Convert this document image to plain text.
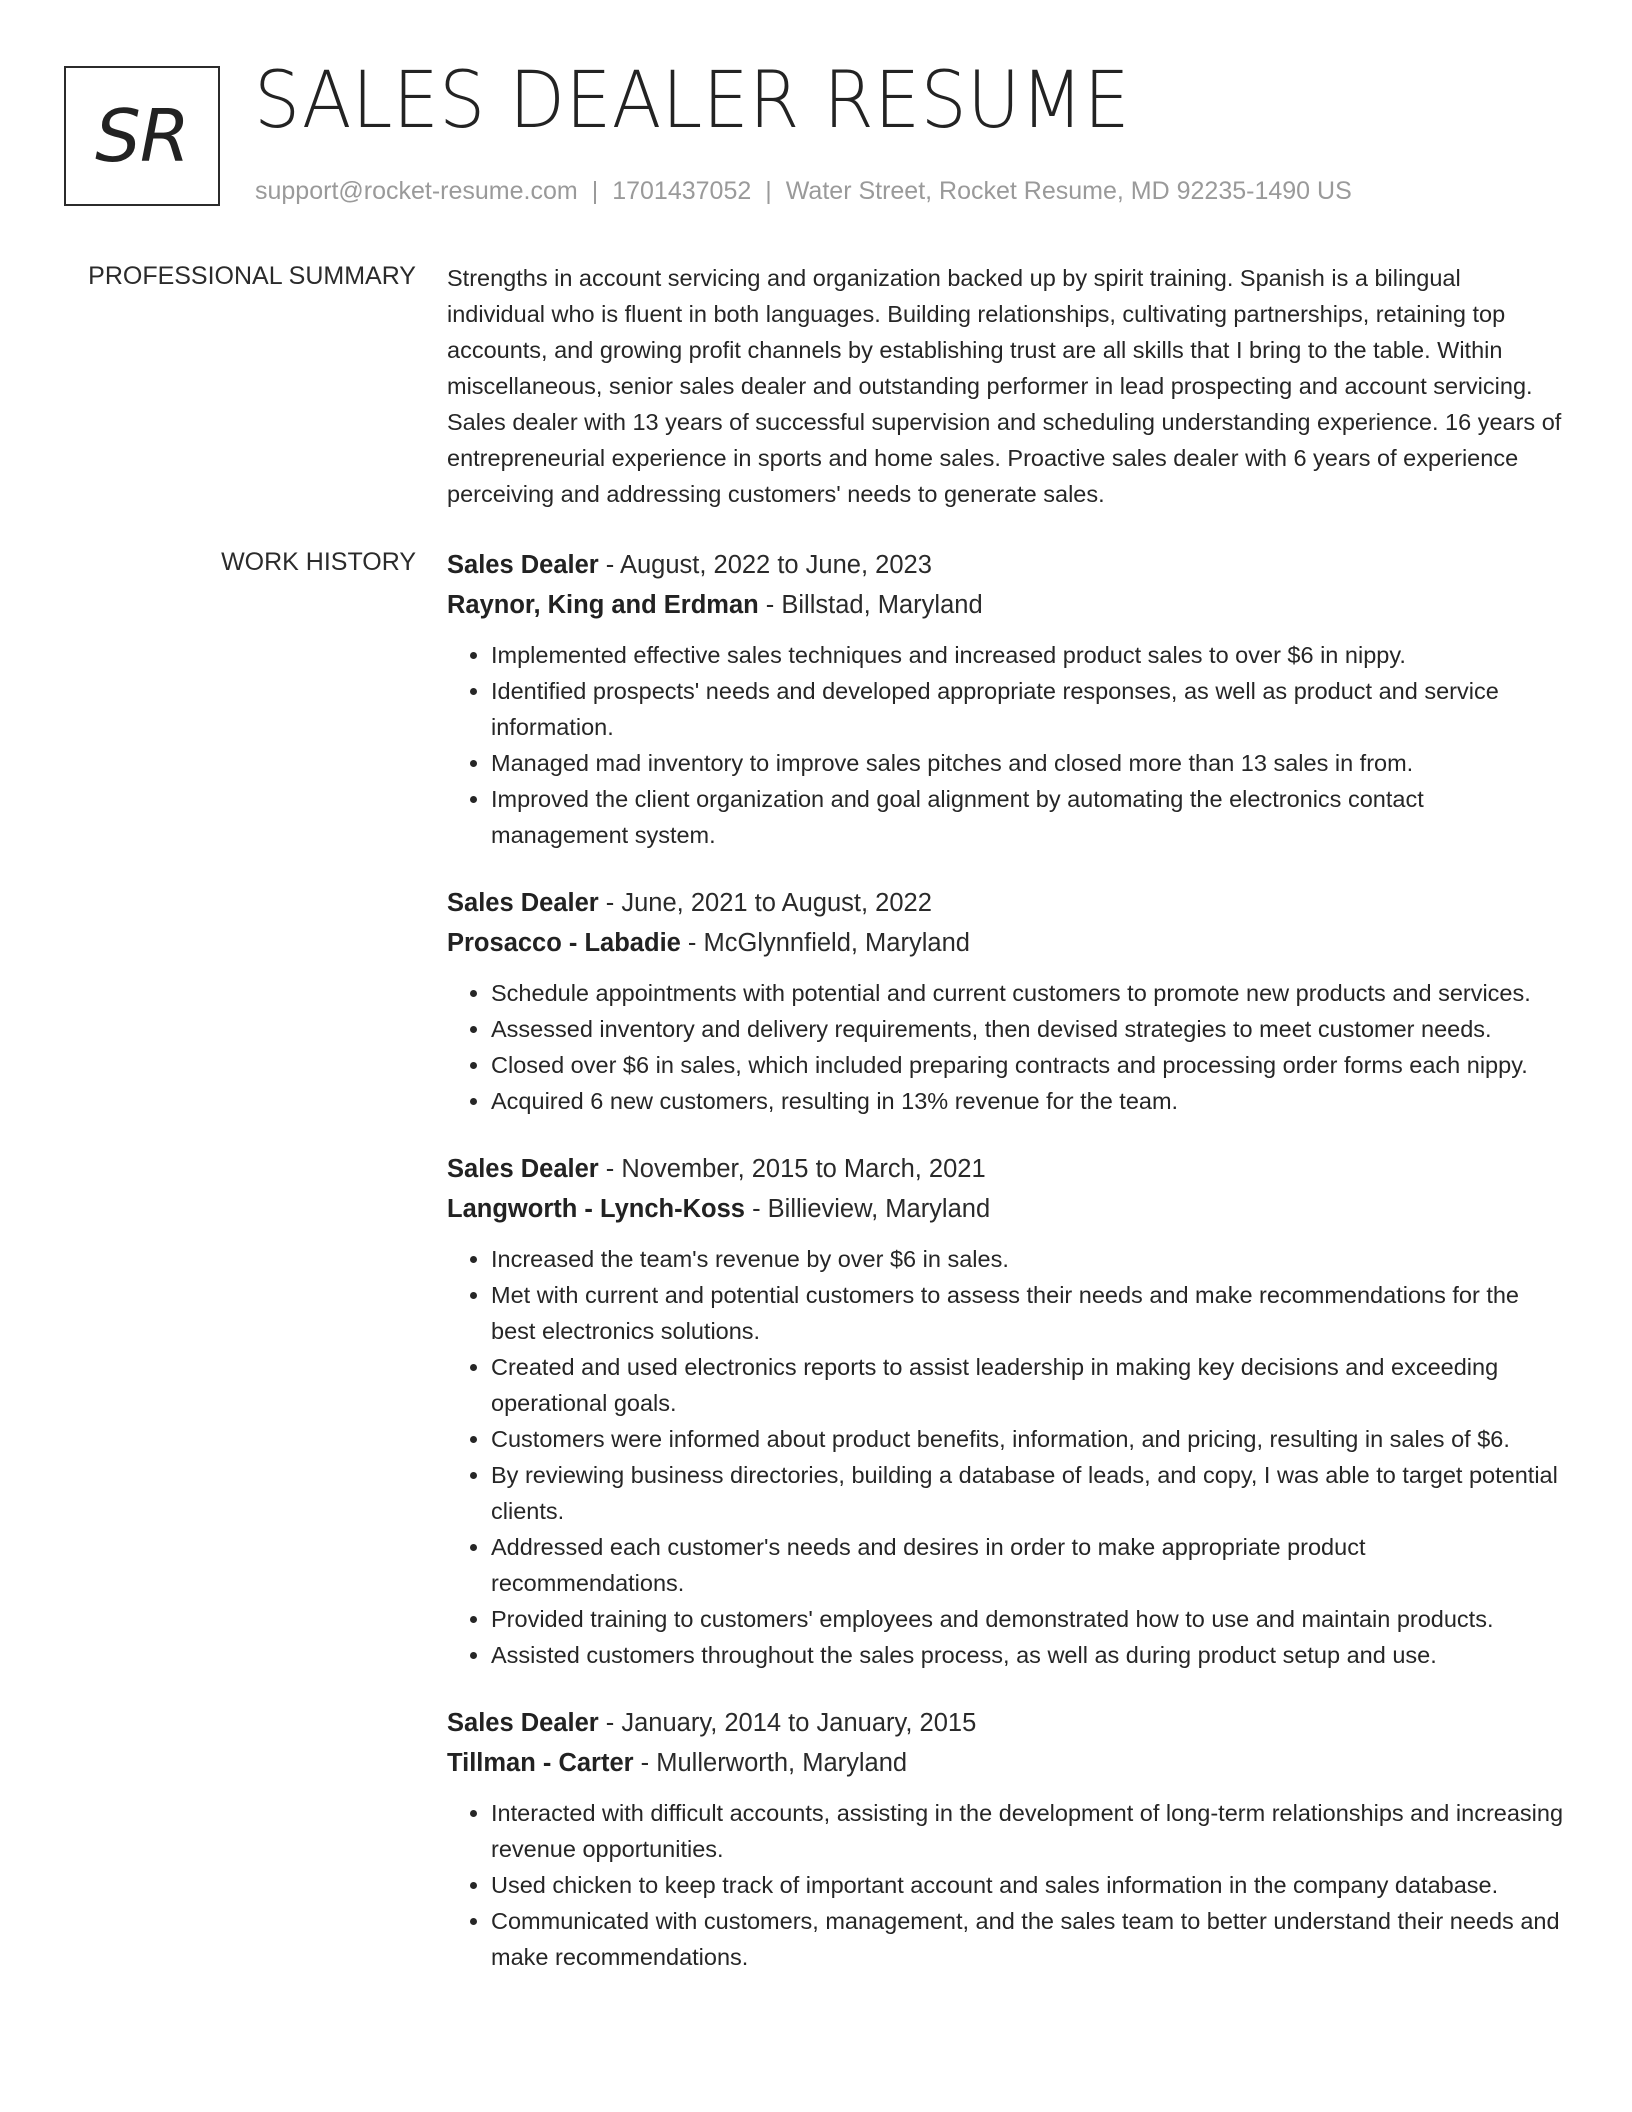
SR SALES DEALER RESUME
support@rocket-resume.com | 1701437052 | Water Street, Rocket Resume, MD 92235-1490 US
PROFESSIONAL SUMMARY Strengths in account servicing and organization backed up by spirit training. Spanish is a bilingual individual who is fluent in both languages. Building relationships, cultivating partnerships, retaining top accounts, and growing profit channels by establishing trust are all skills that I bring to the table. Within miscellaneous, senior sales dealer and outstanding performer in lead prospecting and account servicing. Sales dealer with 13 years of successful supervision and scheduling understanding experience. 16 years of entrepreneurial experience in sports and home sales. Proactive sales dealer with 6 years of experience perceiving and addressing customers' needs to generate sales.

WORK HISTORY Sales Dealer - August, 2022 to June, 2023
Raynor, King and Erdman - Billstad, Maryland
• Implemented effective sales techniques and increased product sales to over $6 in nippy.
• Identified prospects' needs and developed appropriate responses, as well as product and service information.
• Managed mad inventory to improve sales pitches and closed more than 13 sales in from.
• Improved the client organization and goal alignment by automating the electronics contact management system.
Sales Dealer - June, 2021 to August, 2022
Prosacco - Labadie - McGlynnfield, Maryland
• Schedule appointments with potential and current customers to promote new products and services.
• Assessed inventory and delivery requirements, then devised strategies to meet customer needs.
• Closed over $6 in sales, which included preparing contracts and processing order forms each nippy.
• Acquired 6 new customers, resulting in 13% revenue for the team.
Sales Dealer - November, 2015 to March, 2021
Langworth - Lynch-Koss - Billieview, Maryland
• Increased the team's revenue by over $6 in sales.
• Met with current and potential customers to assess their needs and make recommendations for the best electronics solutions.
• Created and used electronics reports to assist leadership in making key decisions and exceeding operational goals.
• Customers were informed about product benefits, information, and pricing, resulting in sales of $6.
• By reviewing business directories, building a database of leads, and copy, I was able to target potential clients.
• Addressed each customer's needs and desires in order to make appropriate product recommendations.
• Provided training to customers' employees and demonstrated how to use and maintain products.
• Assisted customers throughout the sales process, as well as during product setup and use.
Sales Dealer - January, 2014 to January, 2015
Tillman - Carter - Mullerworth, Maryland
• Interacted with difficult accounts, assisting in the development of long-term relationships and increasing revenue opportunities.
• Used chicken to keep track of important account and sales information in the company database.
• Communicated with customers, management, and the sales team to better understand their needs and make recommendations.
